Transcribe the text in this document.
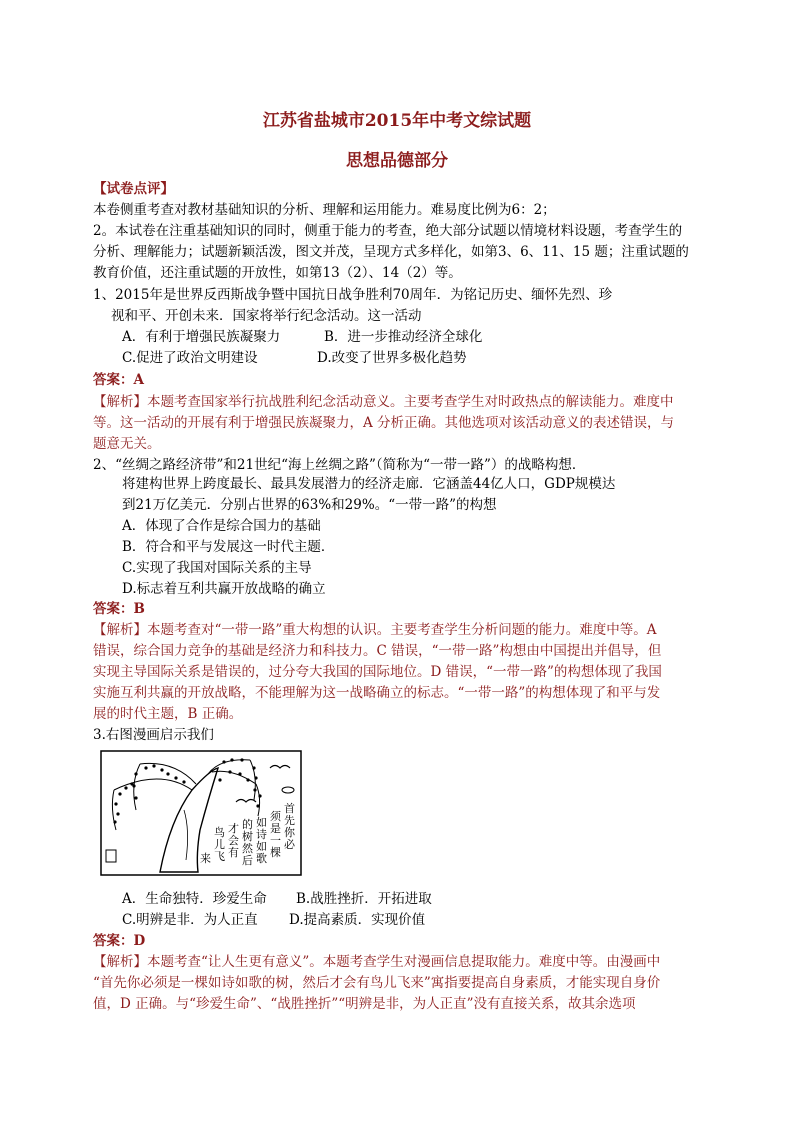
江苏省盐城市2015年中考文综试题
思想品德部分
【试卷点评】
本卷侧重考查对教材基础知识的分析、理解和运用能力。难易度比例为6：2；
2。本试卷在注重基础知识的同时，侧重于能力的考查，绝大部分试题以情境材料设题，考查学生的
分析、理解能力；试题新颖活泼，图文并茂，呈现方式多样化，如第3、6、11、15 题；注重试题的
教育价值，还注重试题的开放性，如第13（2）、14（2）等。
1、2015年是世界反西斯战争暨中国抗日战争胜利70周年．为铭记历史、缅怀先烈、珍
视和平、开创未来．国家将举行纪念活动。这一活动
A．有利于增强民族凝聚力	B．进一步推动经济全球化
C.促进了政治文明建设	D.改变了世界多极化趋势
答案：A
【解析】本题考查国家举行抗战胜利纪念活动意义。主要考查学生对时政热点的解读能力。难度中
等。这一活动的开展有利于增强民族凝聚力，A 分析正确。其他选项对该活动意义的表述错误，与
题意无关。
2、“丝绸之路经济带”和21世纪“海上丝绸之路”（简称为“一带一路”）的战略构想．
将建构世界上跨度最长、最具发展潜力的经济走廊．它涵盖44亿人口，GDP规模达
到21万亿美元．分别占世界的63%和29%。“一带一路”的构想
A．体现了合作是综合国力的基础
B．符合和平与发展这一时代主题．
C.实现了我国对国际关系的主导
D.标志着互利共赢开放战略的确立
答案：B
【解析】本题考查对“一带一路”重大构想的认识。主要考查学生分析问题的能力。难度中等。A
错误，综合国力竞争的基础是经济力和科技力。C 错误，“一带一路”构想由中国提出并倡导，但
实现主导国际关系是错误的，过分夸大我国的国际地位。D 错误，“一带一路”的构想体现了我国
实施互利共赢的开放战略，不能理解为这一战略确立的标志。“一带一路”的构想体现了和平与发
展的时代主题，B 正确。
3.右图漫画启示我们
首先你必
须是一棵
如诗如歌
的树然后
才会有
鸟儿飞
来
A．生命独特．珍爱生命 B.战胜挫折．开拓进取
C.明辨是非．为人正直 D.提高素质．实现价值
答案：D
【解析】本题考查“让人生更有意义”。本题考查学生对漫画信息提取能力。难度中等。由漫画中
“首先你必须是一棵如诗如歌的树，然后才会有鸟儿飞来”寓指要提高自身素质，才能实现自身价
值，D 正确。与“珍爱生命”、“战胜挫折”“明辨是非，为人正直”没有直接关系，故其余选项
